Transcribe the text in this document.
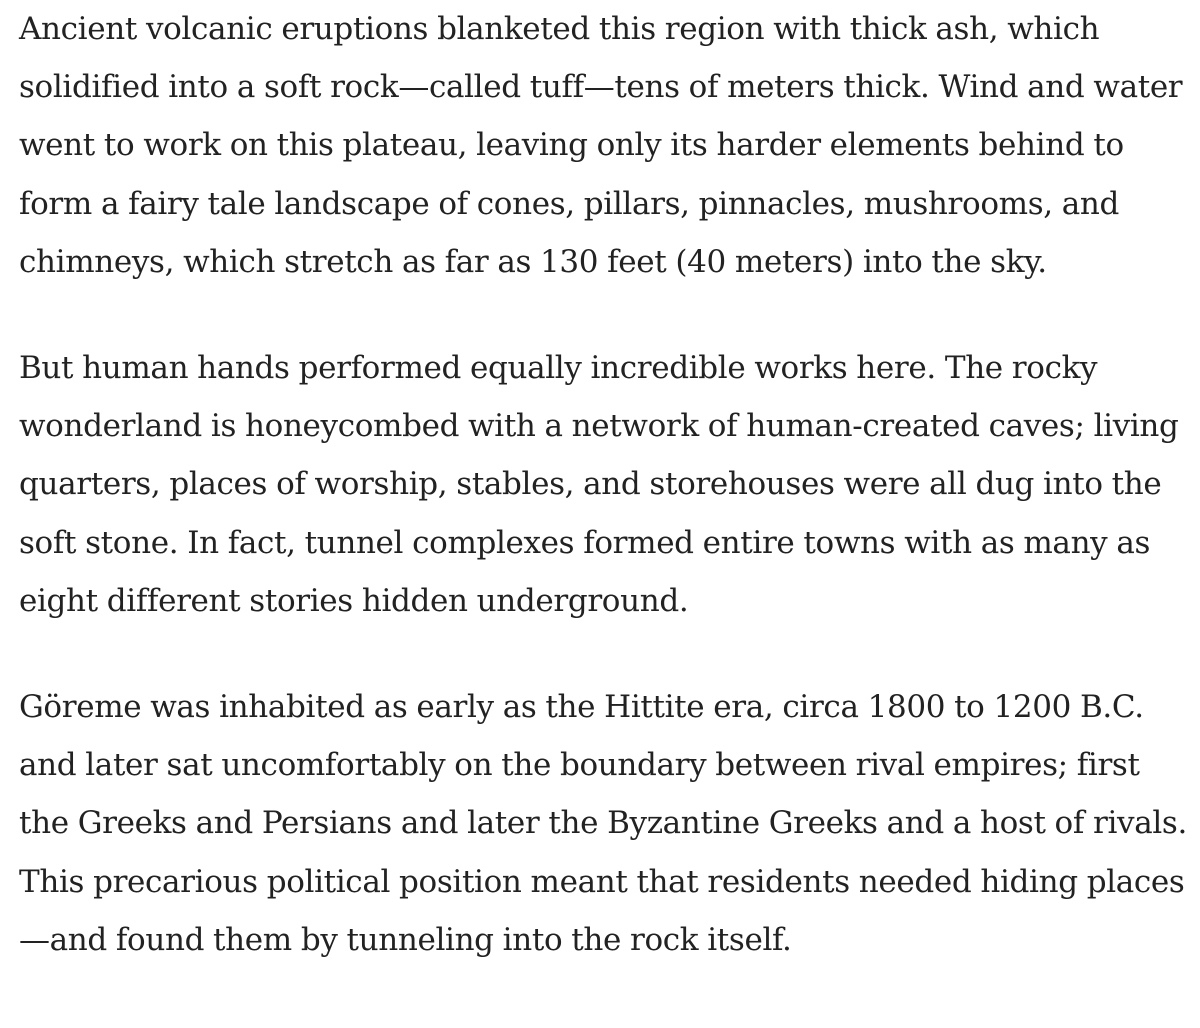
Ancient volcanic eruptions blanketed this region with thick ash, which solidified into a soft rock—called tuff—tens of meters thick. Wind and water went to work on this plateau, leaving only its harder elements behind to form a fairy tale landscape of cones, pillars, pinnacles, mushrooms, and chimneys, which stretch as far as 130 feet (40 meters) into the sky.

But human hands performed equally incredible works here. The rocky wonderland is honeycombed with a network of human-created caves; living quarters, places of worship, stables, and storehouses were all dug into the soft stone. In fact, tunnel complexes formed entire towns with as many as eight different stories hidden underground.

Göreme was inhabited as early as the Hittite era, circa 1800 to 1200 B.C. and later sat uncomfortably on the boundary between rival empires; first the Greeks and Persians and later the Byzantine Greeks and a host of rivals. This precarious political position meant that residents needed hiding places—and found them by tunneling into the rock itself.
